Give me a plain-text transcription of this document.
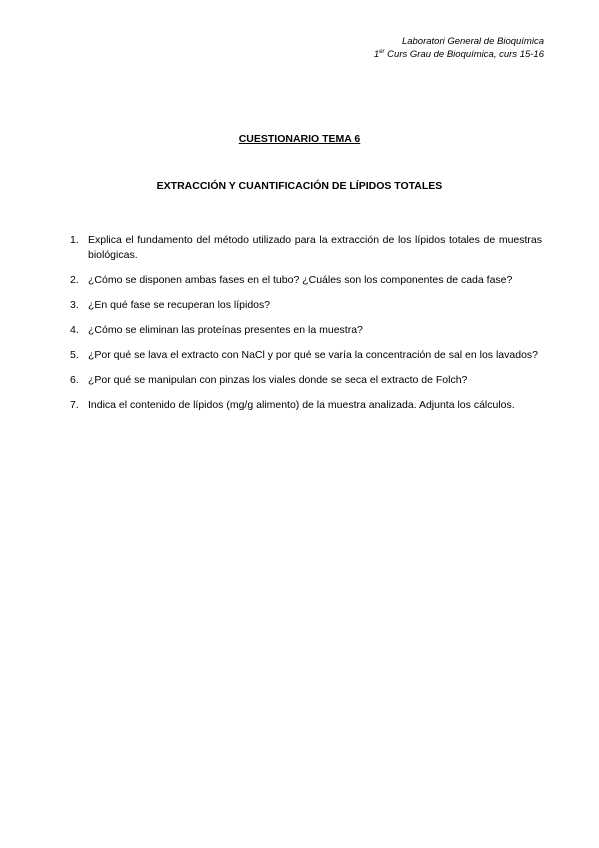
Laboratori General de Bioquímica
1er Curs Grau de Bioquímica, curs 15-16
CUESTIONARIO TEMA 6
EXTRACCIÓN Y CUANTIFICACIÓN DE LÍPIDOS TOTALES
1. Explica el fundamento del método utilizado para la extracción de los lípidos totales de muestras biológicas.
2. ¿Cómo se disponen ambas fases en el tubo? ¿Cuáles son los componentes de cada fase?
3. ¿En qué fase se recuperan los lípidos?
4. ¿Cómo se eliminan las proteínas presentes en la muestra?
5. ¿Por qué se lava el extracto con NaCl y por qué se varía la concentración de sal en los lavados?
6. ¿Por qué se manipulan con pinzas los viales donde se seca el extracto de Folch?
7. Indica el contenido de lípidos (mg/g alimento) de la muestra analizada. Adjunta los cálculos.
